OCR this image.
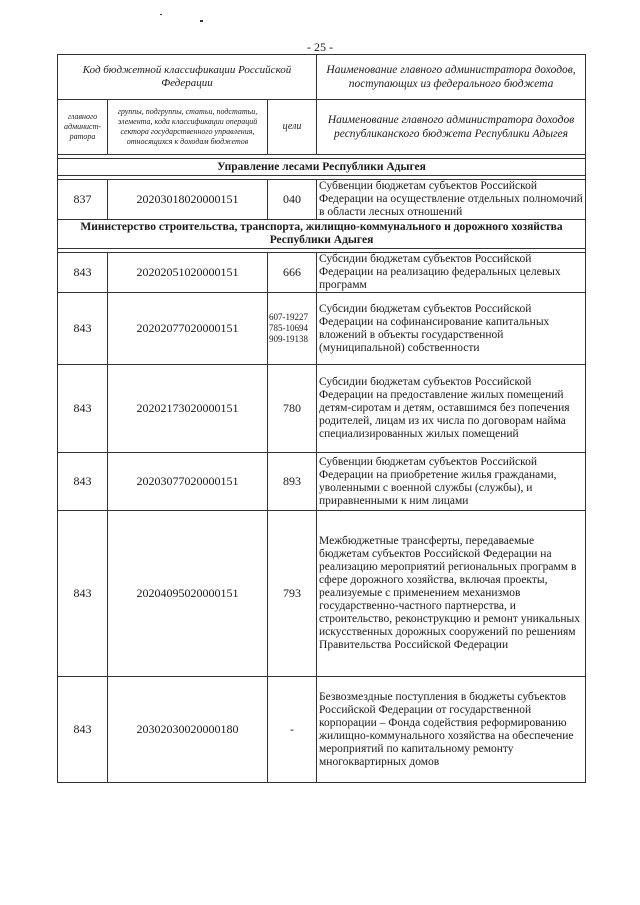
- 25 -
Код бюджетной классификации Российской Федерации			Наименование главного администратора доходов, поступающих из федерального бюджета
главного админист-ратора	группы, подгруппы, статьи, подстатьи, элемента, кода классификации операций сектора государственного управления, относящихся к доходам бюджетов	цели	Наименование главного администратора доходов республиканского бюджета Республики Адыгея

Управление лесами Республики Адыгея			

837	20203018020000151	040	Субвенции бюджетам субъектов Российской Федерации на осуществление отдельных полномочий в области лесных отношений
Министерство строительства, транспорта, жилищно-коммунального и дорожного хозяйства Республики Адыгея			

843	20202051020000151	666	Субсидии бюджетам субъектов Российской Федерации на реализацию федеральных целевых программ
843	20202077020000151	607-19227 785-10694 909-19138	Субсидии бюджетам субъектов Российской Федерации на софинансирование капитальных вложений в объекты государственной (муниципальной) собственности
843	20202173020000151	780	Субсидии бюджетам субъектов Российской Федерации на предоставление жилых помещений детям-сиротам и детям, оставшимся без попечения родителей, лицам из их числа по договорам найма специализированных жилых помещений
843	20203077020000151	893	Субвенции бюджетам субъектов Российской Федерации на приобретение жилья гражданами, уволенными с военной службы (службы), и приравненными к ним лицами
843	20204095020000151	793	Межбюджетные трансферты, передаваемые бюджетам субъектов Российской Федерации на реализацию мероприятий региональных программ в сфере дорожного хозяйства, включая проекты, реализуемые с применением механизмов государственно-частного партнерства, и строительство, реконструкцию и ремонт уникальных искусственных дорожных сооружений по решениям Правительства Российской Федерации
843	20302030020000180	-	Безвозмездные поступления в бюджеты субъектов Российской Федерации от государственной корпорации – Фонда содействия реформированию жилищно-коммунального хозяйства на обеспечение мероприятий по капитальному ремонту многоквартирных домов
